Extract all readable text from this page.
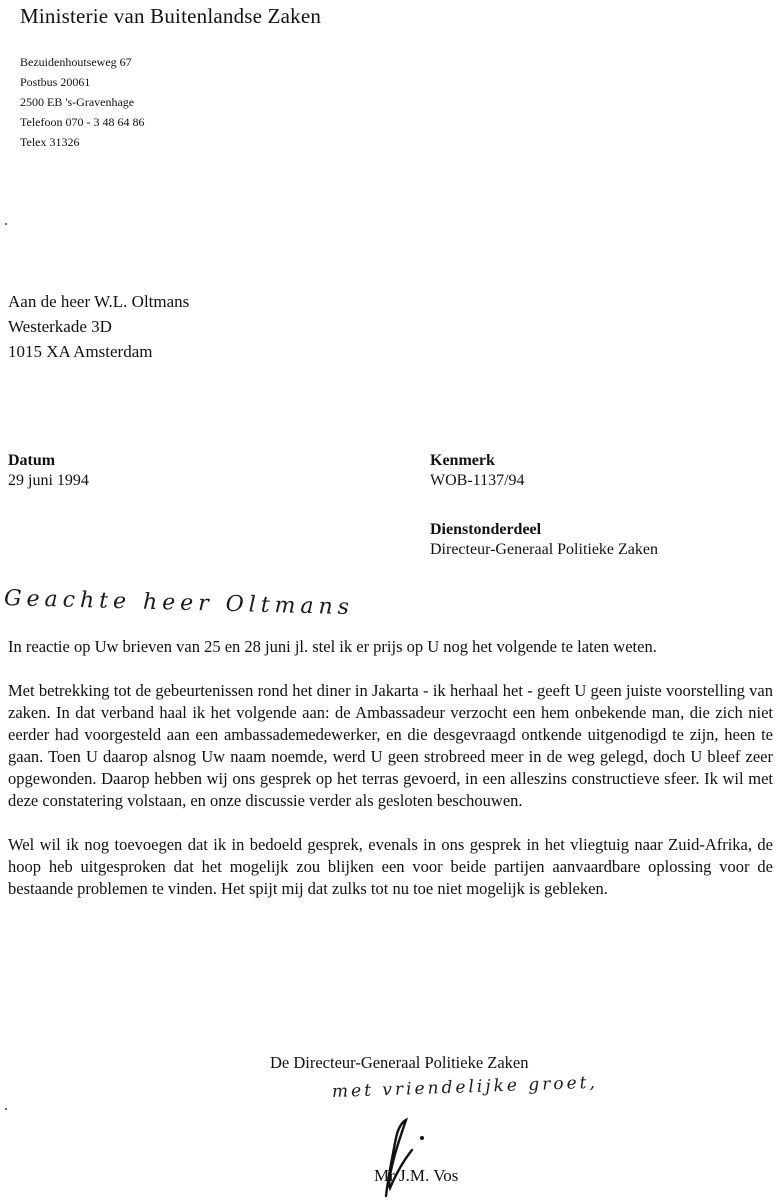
Ministerie van Buitenlandse Zaken
Bezuidenhoutseweg 67
Postbus 20061
2500 EB 's-Gravenhage
Telefoon 070 - 3 48 64 86
Telex 31326
Aan de heer W.L. Oltmans
Westerkade 3D
1015 XA Amsterdam
Datum
29 juni 1994
Kenmerk
WOB-1137/94
Dienstonderdeel
Directeur-Generaal Politieke Zaken
Geachte heer Oltmans

In reactie op Uw brieven van 25 en 28 juni jl. stel ik er prijs op U nog het volgende te laten weten.

Met betrekking tot de gebeurtenissen rond het diner in Jakarta - ik herhaal het - geeft U geen juiste voorstelling van zaken. In dat verband haal ik het volgende aan: de Ambassadeur verzocht een hem onbekende man, die zich niet eerder had voorgesteld aan een ambassademedewerker, en die desgevraagd ontkende uitgenodigd te zijn, heen te gaan. Toen U daarop alsnog Uw naam noemde, werd U geen strobreed meer in de weg gelegd, doch U bleef zeer opgewonden. Daarop hebben wij ons gesprek op het terras gevoerd, in een alleszins constructieve sfeer. Ik wil met deze constatering volstaan, en onze discussie verder als gesloten beschouwen.

Wel wil ik nog toevoegen dat ik in bedoeld gesprek, evenals in ons gesprek in het vliegtuig naar Zuid-Afrika, de hoop heb uitgesproken dat het mogelijk zou blijken een voor beide partijen aanvaardbare oplossing voor de bestaande problemen te vinden. Het spijt mij dat zulks tot nu toe niet mogelijk is gebleken.

De Directeur-Generaal Politieke Zaken
met vriendelijke groet,
Mr J.M. Vos
